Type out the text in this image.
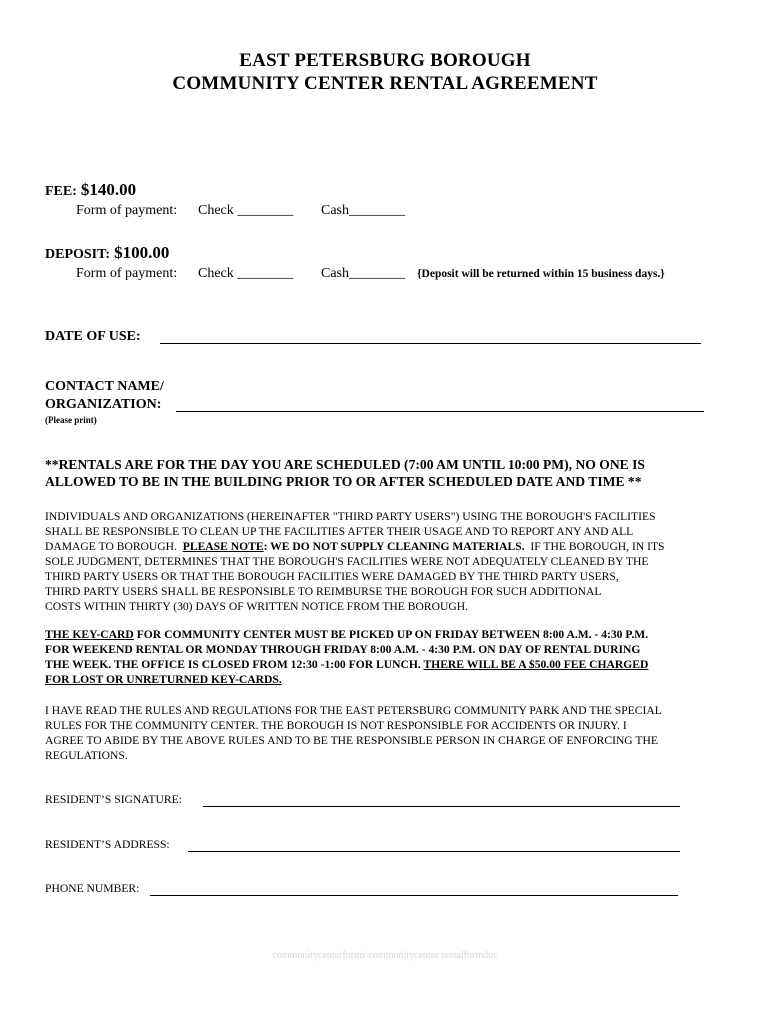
EAST PETERSBURG BOROUGH
COMMUNITY CENTER RENTAL AGREEMENT
FEE: $140.00
Form of payment: Check ________ Cash________
DEPOSIT: $100.00
Form of payment: Check ________ Cash________ {Deposit will be returned within 15 business days.}
DATE OF USE:
CONTACT NAME/
ORGANIZATION:
(Please print)
**RENTALS ARE FOR THE DAY YOU ARE SCHEDULED (7:00 AM UNTIL 10:00 PM), NO ONE IS
ALLOWED TO BE IN THE BUILDING PRIOR TO OR AFTER SCHEDULED DATE AND TIME **
INDIVIDUALS AND ORGANIZATIONS (HEREINAFTER "THIRD PARTY USERS") USING THE BOROUGH'S FACILITIES
SHALL BE RESPONSIBLE TO CLEAN UP THE FACILITIES AFTER THEIR USAGE AND TO REPORT ANY AND ALL
DAMAGE TO BOROUGH. PLEASE NOTE: WE DO NOT SUPPLY CLEANING MATERIALS. IF THE BOROUGH, IN ITS
SOLE JUDGMENT, DETERMINES THAT THE BOROUGH'S FACILITIES WERE NOT ADEQUATELY CLEANED BY THE
THIRD PARTY USERS OR THAT THE BOROUGH FACILITIES WERE DAMAGED BY THE THIRD PARTY USERS,
THIRD PARTY USERS SHALL BE RESPONSIBLE TO REIMBURSE THE BOROUGH FOR SUCH ADDITIONAL
COSTS WITHIN THIRTY (30) DAYS OF WRITTEN NOTICE FROM THE BOROUGH.
THE KEY-CARD FOR COMMUNITY CENTER MUST BE PICKED UP ON FRIDAY BETWEEN 8:00 A.M. - 4:30 P.M.
FOR WEEKEND RENTAL OR MONDAY THROUGH FRIDAY 8:00 A.M. - 4:30 P.M. ON DAY OF RENTAL DURING
THE WEEK. THE OFFICE IS CLOSED FROM 12:30 -1:00 FOR LUNCH. THERE WILL BE A $50.00 FEE CHARGED
FOR LOST OR UNRETURNED KEY-CARDS.
I HAVE READ THE RULES AND REGULATIONS FOR THE EAST PETERSBURG COMMUNITY PARK AND THE SPECIAL
RULES FOR THE COMMUNITY CENTER. THE BOROUGH IS NOT RESPONSIBLE FOR ACCIDENTS OR INJURY. I
AGREE TO ABIDE BY THE ABOVE RULES AND TO BE THE RESPONSIBLE PERSON IN CHARGE OF ENFORCING THE
REGULATIONS.
RESIDENT’S SIGNATURE:
RESIDENT’S ADDRESS:
PHONE NUMBER:
communitycenterforms\communitycenter rentalformdoc
